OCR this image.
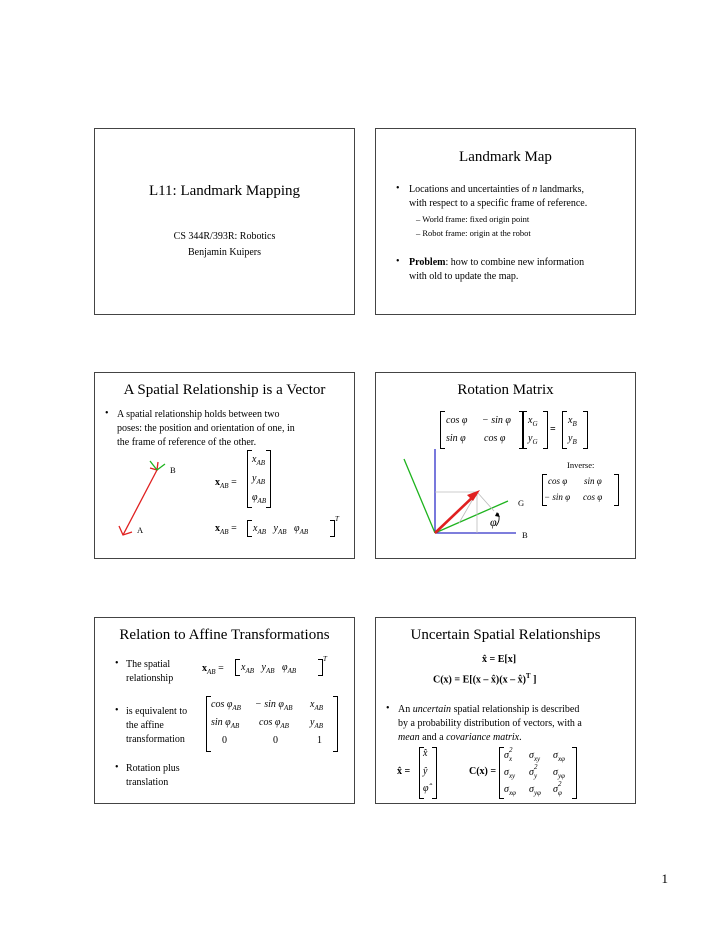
L11: Landmark Mapping
CS 344R/393R: Robotics
Benjamin Kuipers
Landmark Map
• Locations and uncertainties of n landmarks,
with respect to a specific frame of reference.
– World frame: fixed origin point
– Robot frame: origin at the robot
• Problem: how to combine new information
with old to update the map.
A Spatial Relationship is a Vector
• A spatial relationship holds between two
poses: the position and orientation of one, in
the frame of reference of the other.
B
A
$x_{AB}$ =
$x_{AB}$
$y_{AB}$
$\varphi_{AB}$
$x_{AB} = x_{AB}$ $y_{AB}$ $\varphi_{AB}$
T
Rotation Matrix
cos φ − sin φ
sin φ cos φ
$x_G$
$y_G$
=
$x_B$
$y_B$
G
B
φ
Inverse:
cos φ sin φ
− sin φ cos φ
Relation to Affine Transformations
• The spatial
relationship
$x_{AB} = x_{AB}$   $y_{AB}$   $\varphi_{AB}$
T
• is equivalent to
the affine
transformation
$\cos \varphi_{AB} - \sin \varphi_{AB}$ $x_{AB}$
$\sin \varphi_{AB}$ $\cos \varphi_{AB}$ $y_{AB}$
0	0	1
• Rotation plus
translation
Uncertain Spatial Relationships
x̂ = E[x]
C(x) = E[(x – x̂)(x – x̂)$^T$ ]
• An uncertain spatial relationship is described
by a probability distribution of vectors, with a
mean and a covariance matrix.
x̂ =
x̂
ŷ
φ̂
C(x) =
σ $_{2 x}$ $\sigma_{xy}$ $\sigma_{x\varphi}$
$\sigma_{xy}$ σ $_{2 y}$ $\sigma_{y\varphi}$
$\sigma_{x\varphi}$ $\sigma_{y\varphi}$ σ $_{2 \varphi}$
1
